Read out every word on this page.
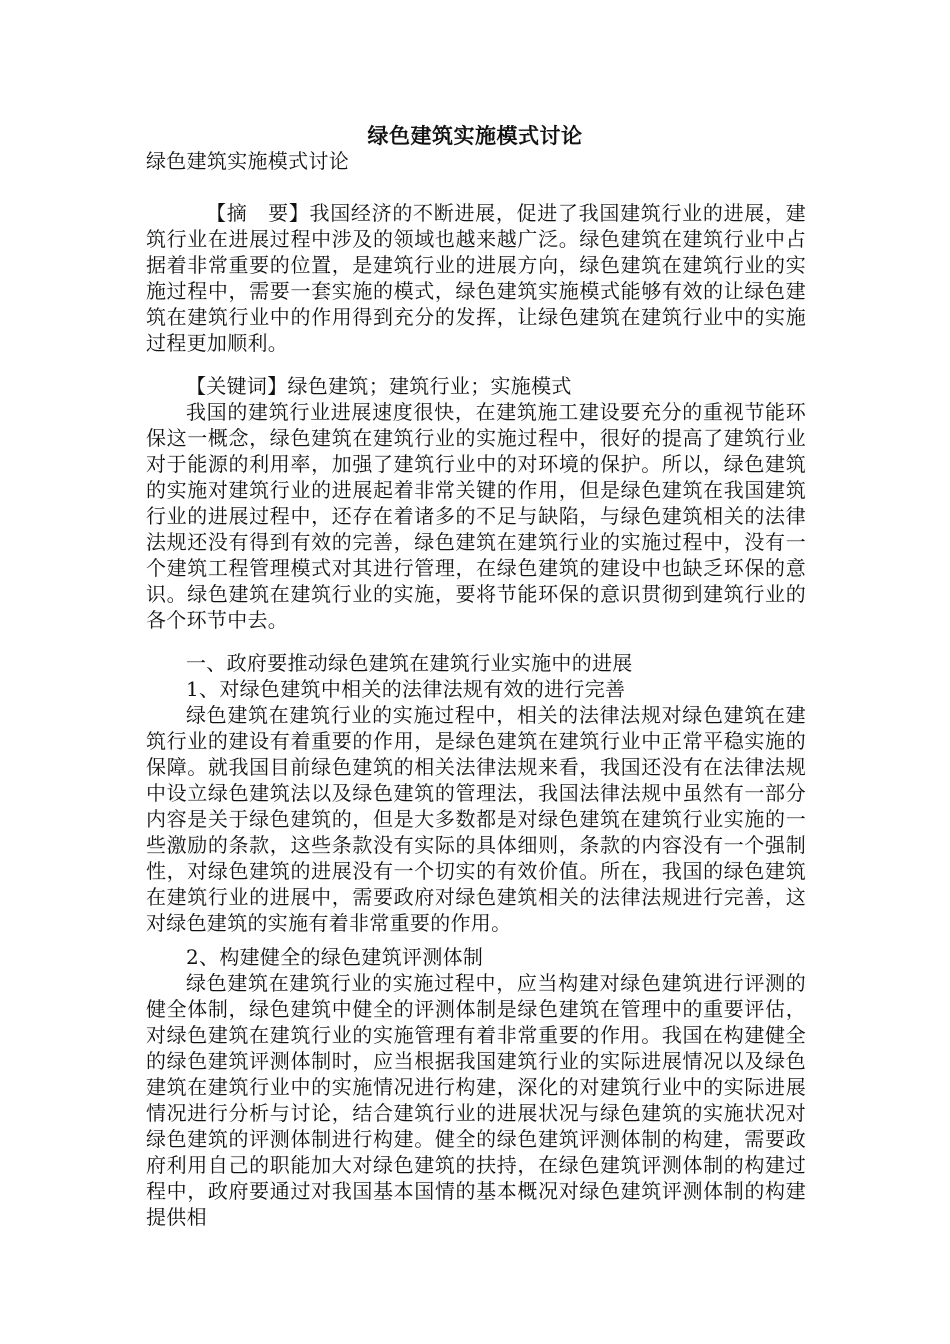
绿色建筑实施模式讨论

绿色建筑实施模式讨论

【摘　要】我国经济的不断进展，促进了我国建筑行业的进展，建筑行业在进展过程中涉及的领域也越来越广泛。绿色建筑在建筑行业中占据着非常重要的位置，是建筑行业的进展方向，绿色建筑在建筑行业的实施过程中，需要一套实施的模式，绿色建筑实施模式能够有效的让绿色建筑在建筑行业中的作用得到充分的发挥，让绿色建筑在建筑行业中的实施过程更加顺利。

【关键词】绿色建筑；建筑行业；实施模式

我国的建筑行业进展速度很快，在建筑施工建设要充分的重视节能环保这一概念，绿色建筑在建筑行业的实施过程中，很好的提高了建筑行业对于能源的利用率，加强了建筑行业中的对环境的保护。所以，绿色建筑的实施对建筑行业的进展起着非常关键的作用，但是绿色建筑在我国建筑行业的进展过程中，还存在着诸多的不足与缺陷，与绿色建筑相关的法律法规还没有得到有效的完善，绿色建筑在建筑行业的实施过程中，没有一个建筑工程管理模式对其进行管理，在绿色建筑的建设中也缺乏环保的意识。绿色建筑在建筑行业的实施，要将节能环保的意识贯彻到建筑行业的各个环节中去。

一、政府要推动绿色建筑在建筑行业实施中的进展

1、对绿色建筑中相关的法律法规有效的进行完善

绿色建筑在建筑行业的实施过程中，相关的法律法规对绿色建筑在建筑行业的建设有着重要的作用，是绿色建筑在建筑行业中正常平稳实施的保障。就我国目前绿色建筑的相关法律法规来看，我国还没有在法律法规中设立绿色建筑法以及绿色建筑的管理法，我国法律法规中虽然有一部分内容是关于绿色建筑的，但是大多数都是对绿色建筑在建筑行业实施的一些激励的条款，这些条款没有实际的具体细则，条款的内容没有一个强制性，对绿色建筑的进展没有一个切实的有效价值。所在，我国的绿色建筑在建筑行业的进展中，需要政府对绿色建筑相关的法律法规进行完善，这对绿色建筑的实施有着非常重要的作用。

2、构建健全的绿色建筑评测体制

绿色建筑在建筑行业的实施过程中，应当构建对绿色建筑进行评测的健全体制，绿色建筑中健全的评测体制是绿色建筑在管理中的重要评估，对绿色建筑在建筑行业的实施管理有着非常重要的作用。我国在构建健全的绿色建筑评测体制时，应当根据我国建筑行业的实际进展情况以及绿色建筑在建筑行业中的实施情况进行构建，深化的对建筑行业中的实际进展情况进行分析与讨论，结合建筑行业的进展状况与绿色建筑的实施状况对绿色建筑的评测体制进行构建。健全的绿色建筑评测体制的构建，需要政府利用自己的职能加大对绿色建筑的扶持，在绿色建筑评测体制的构建过程中，政府要通过对我国基本国情的基本概况对绿色建筑评测体制的构建提供相
